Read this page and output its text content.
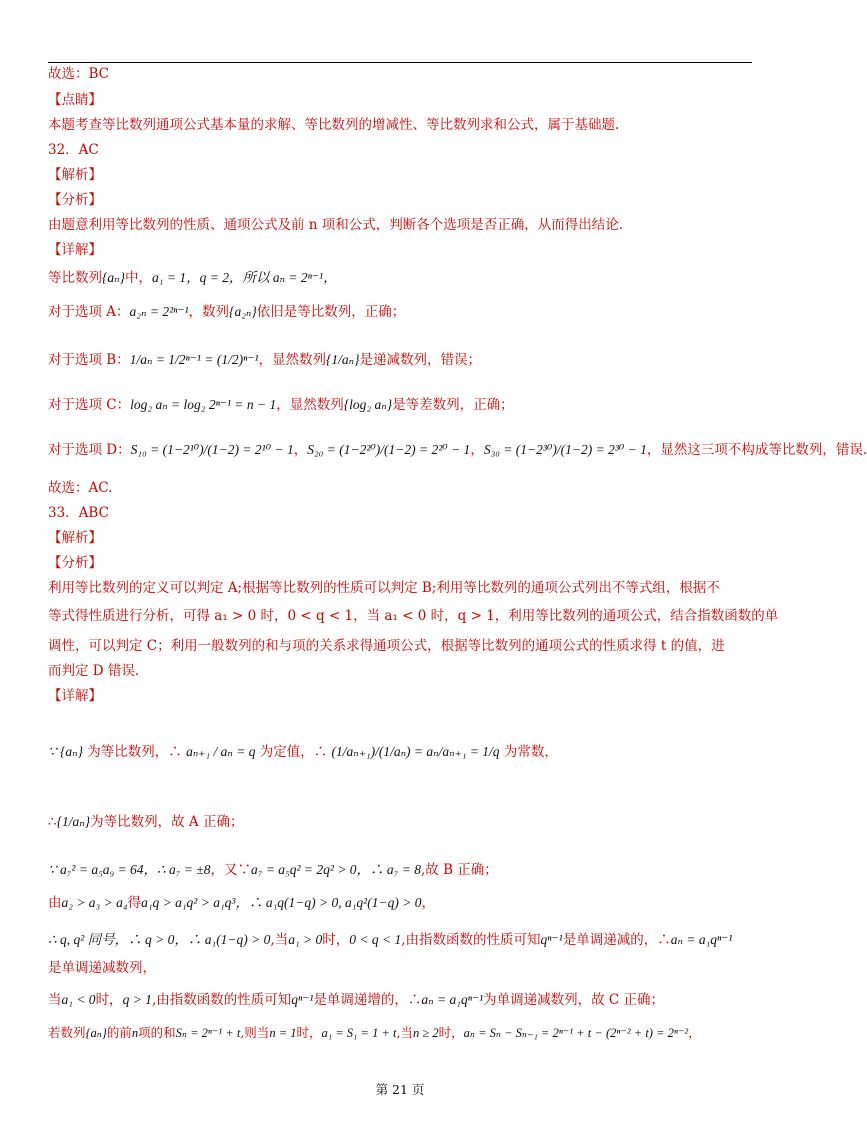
故选：BC
【点睛】
本题考查等比数列通项公式基本量的求解、等比数列的增减性、等比数列求和公式，属于基础题.
32．AC
【解析】
【分析】
由题意利用等比数列的性质、通项公式及前 n 项和公式，判断各个选项是否正确，从而得出结论.
【详解】
等比数列{aₙ}中，a₁ = 1，q = 2，所以 aₙ = 2ⁿ⁻¹，
对于选项 A：a₂ₙ = 2²ⁿ⁻¹，数列{a₂ₙ}依旧是等比数列，正确；
对于选项 B：1/aₙ = 1/2ⁿ⁻¹ = (1/2)ⁿ⁻¹，显然数列{1/aₙ}是递减数列，错误；
对于选项 C：log₂ aₙ = log₂ 2ⁿ⁻¹ = n − 1，显然数列{log₂ aₙ}是等差数列，正确；
对于选项 D：S₁₀ = (1−2¹⁰)/(1−2) = 2¹⁰ − 1，S₂₀ = (1−2²⁰)/(1−2) = 2²⁰ − 1，S₃₀ = (1−2³⁰)/(1−2) = 2³⁰ − 1，显然这三项不构成等比数列，错误.
故选：AC.
33．ABC
【解析】
【分析】
利用等比数列的定义可以判定 A;根据等比数列的性质可以判定 B;利用等比数列的通项公式列出不等式组，根据不
等式得性质进行分析，可得 a₁ > 0 时，0 < q < 1，当 a₁ < 0 时，q > 1，利用等比数列的通项公式，结合指数函数的单
调性，可以判定 C；利用一般数列的和与项的关系求得通项公式，根据等比数列的通项公式的性质求得 t 的值，进
而判定 D 错误.
【详解】
∵ {aₙ} 为等比数列，∴ aₙ₊₁ / aₙ = q 为定值，∴ (1/aₙ₊₁)/(1/aₙ) = aₙ/aₙ₊₁ = 1/q 为常数，
∴{1/aₙ}为等比数列，故 A 正确；
∵ a₇² = a₅a₉ = 64，∴ a₇ = ±8，又∵a₇ = a₅q² = 2q² > 0，∴ a₇ = 8,故 B 正确；
由a₂ > a₃ > a₄得a₁q > a₁q² > a₁q³，∴ a₁q(1−q) > 0, a₁q²(1−q) > 0，
∴ q, q² 同号，∴ q > 0，∴ a₁(1−q) > 0,当a₁ > 0时，0 < q < 1,由指数函数的性质可知qⁿ⁻¹是单调递减的，∴aₙ = a₁qⁿ⁻¹
是单调递减数列，
当a₁ < 0时，q > 1,由指数函数的性质可知qⁿ⁻¹是单调递增的，∴aₙ = a₁qⁿ⁻¹为单调递减数列，故 C 正确；
若数列{aₙ}的前n项的和Sₙ = 2ⁿ⁻¹ + t,则当n = 1时，a₁ = S₁ = 1 + t,当n ≥ 2时，aₙ = Sₙ − Sₙ₋₁ = 2ⁿ⁻¹ + t − (2ⁿ⁻² + t) = 2ⁿ⁻²，
第 21 页
